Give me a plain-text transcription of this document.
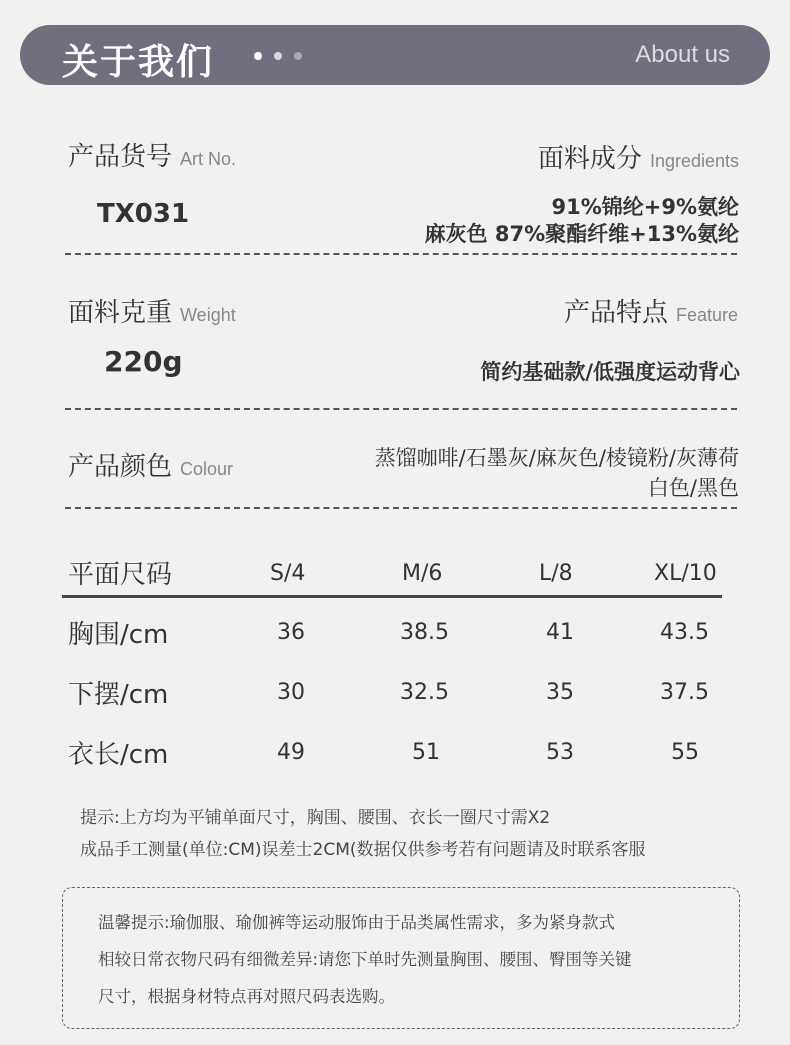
关于我们	About us
产品货号 Art No.
TX031
面料成分 Ingredients
91%锦纶+9%氨纶
麻灰色 87%聚酯纤维+13%氨纶
面料克重 Weight
220g
产品特点 Feature
简约基础款/低强度运动背心
产品颜色 Colour	蒸馏咖啡/石墨灰/麻灰色/棱镜粉/灰薄荷
白色/黑色
平面尺码	S/4	M/6	L/8	XL/10
胸围/cm	36	38.5	41	43.5
下摆/cm	30	32.5	35	37.5
衣长/cm	49	51	53	55
提示:上方均为平铺单面尺寸，胸围、腰围、衣长一圈尺寸需X2
成品手工测量(单位:CM)误差士2CM(数据仅供参考若有问题请及时联系客服
温馨提示:瑜伽服、瑜伽裤等运动服饰由于品类属性需求，多为紧身款式
相较日常衣物尺码有细微差异:请您下单时先测量胸围、腰围、臀围等关键
尺寸，根据身材特点再对照尺码表选购。
